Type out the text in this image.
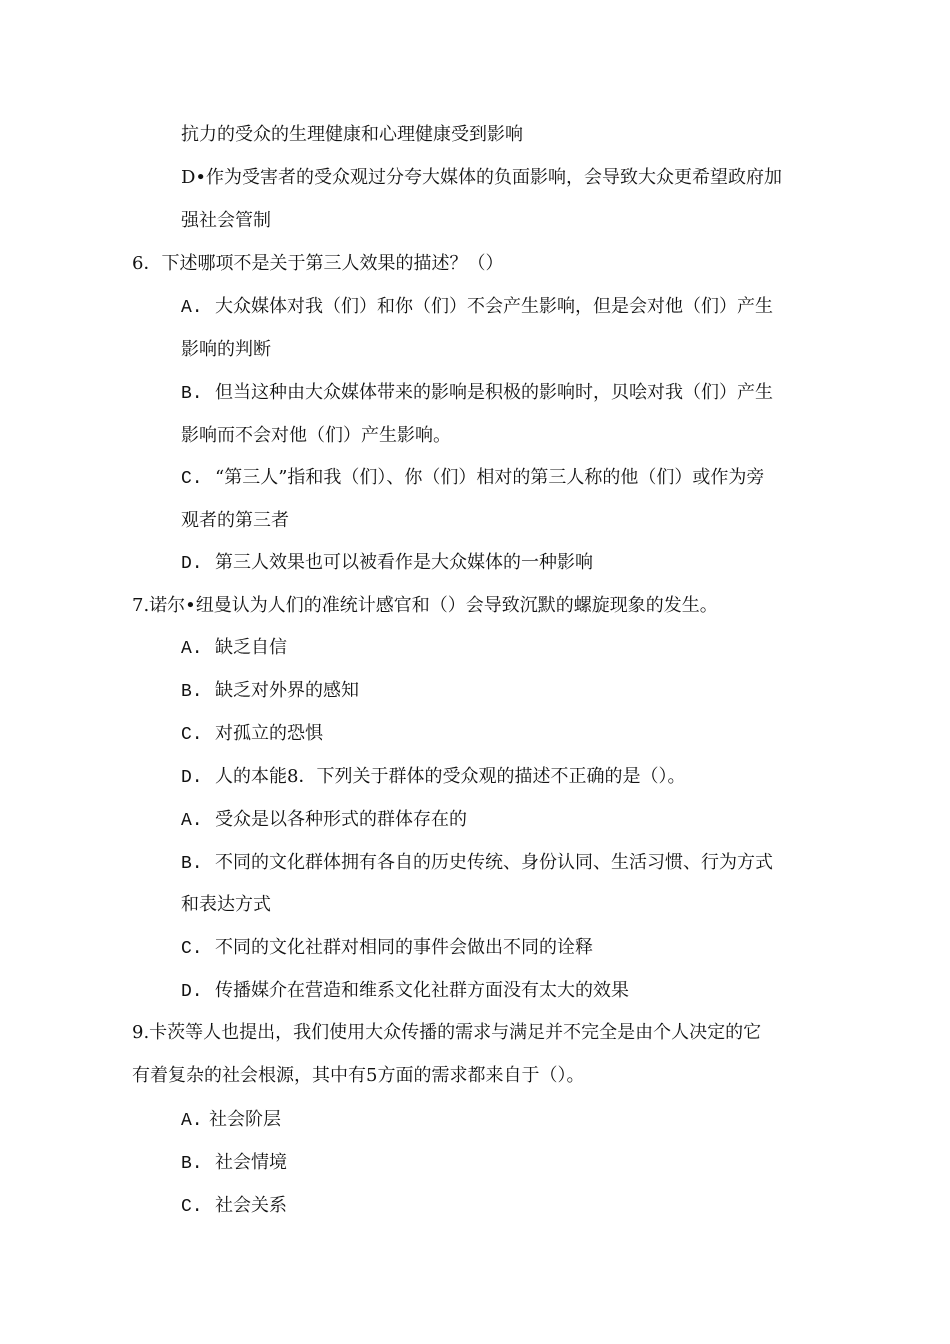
抗力的受众的生理健康和心理健康受到影响
D•作为受害者的受众观过分夸大媒体的负面影响，会导致大众更希望政府加
强社会管制
6．下述哪项不是关于第三人效果的描述？（）
A. 大众媒体对我（们）和你（们）不会产生影响，但是会对他（们）产生
影响的判断
B. 但当这种由大众媒体带来的影响是积极的影响时，贝哙对我（们）产生
影响而不会对他（们）产生影响。
C. “第三人”指和我（们）、你（们）相对的第三人称的他（们）或作为旁
观者的第三者
D. 第三人效果也可以被看作是大众媒体的一种影响
7.诺尔•纽曼认为人们的准统计感官和（）会导致沉默的螺旋现象的发生。
A. 缺乏自信
B. 缺乏对外界的感知
C. 对孤立的恐惧
D. 人的本能8．下列关于群体的受众观的描述不正确的是（）。
A. 受众是以各种形式的群体存在的
B. 不同的文化群体拥有各自的历史传统、身份认同、生活习惯、行为方式
和表达方式
C. 不同的文化社群对相同的事件会做出不同的诠释
D. 传播媒介在营造和维系文化社群方面没有太大的效果
9.卡茨等人也提出，我们使用大众传播的需求与满足并不完全是由个人决定的它
有着复杂的社会根源，其中有5方面的需求都来自于（）。
A. 社会阶层
B. 社会情境
C. 社会关系
